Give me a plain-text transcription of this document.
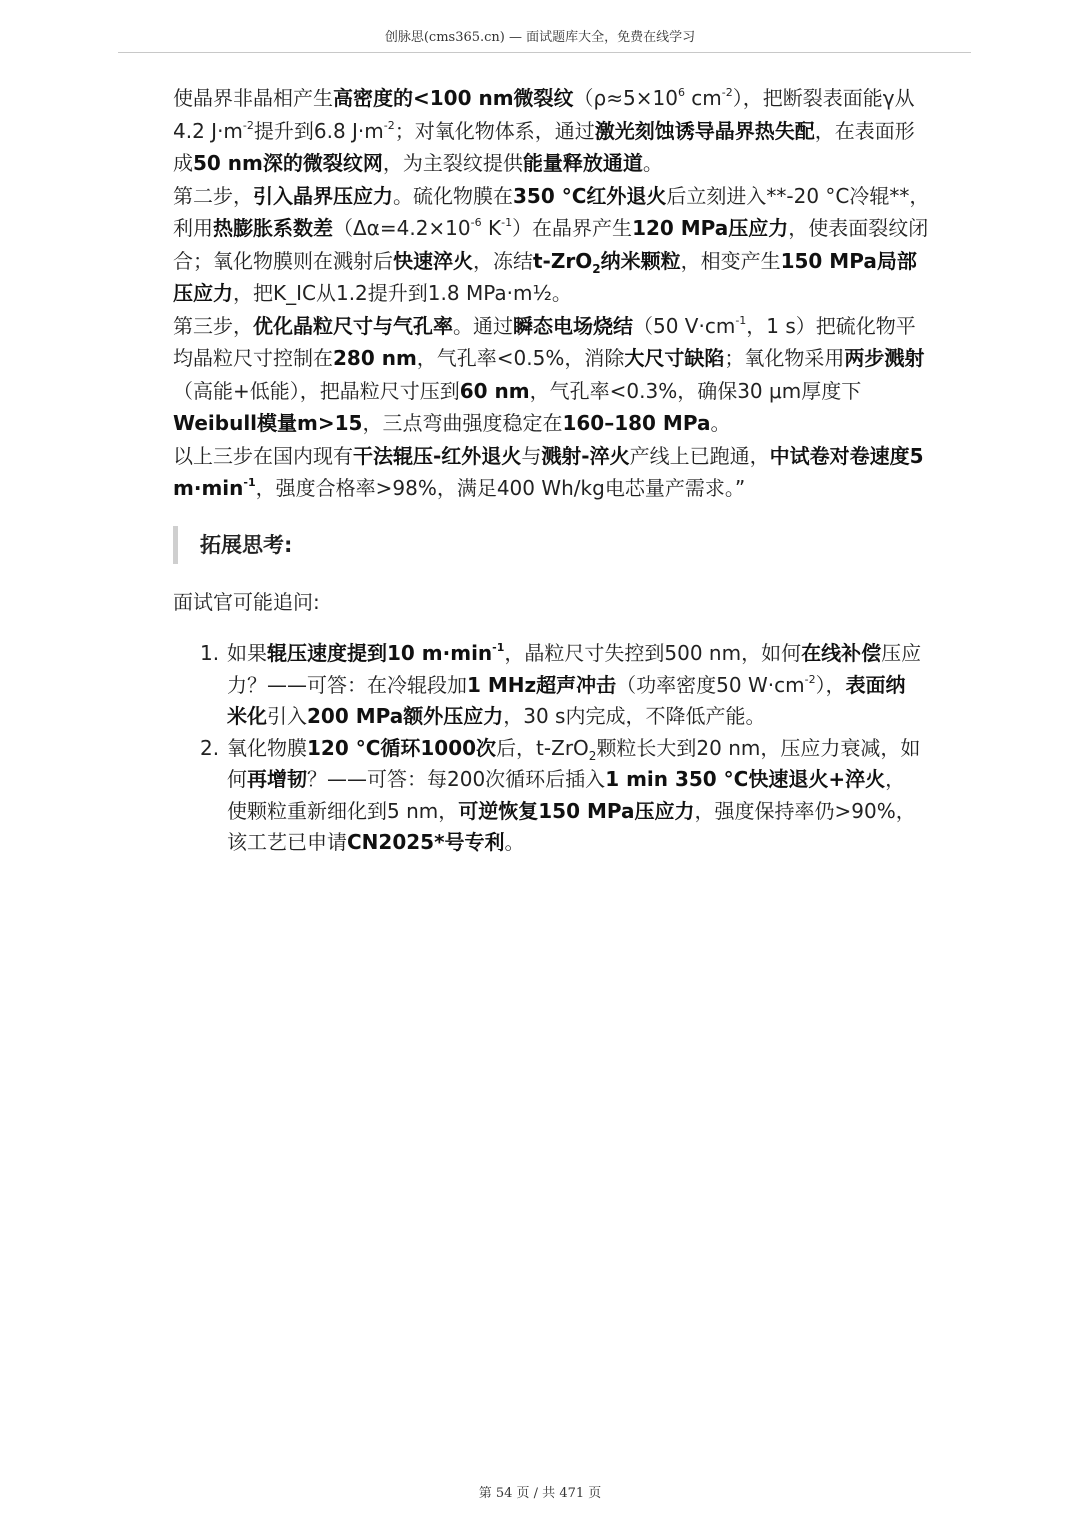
创脉思(cms365.cn) — 面试题库大全，免费在线学习

使晶界非晶相产生高密度的<100 nm微裂纹（$\rho\approx 5\times 10^6$ $cm^{-2}$），把断裂表面能γ从4.2 $J\cdot m^{-2}$提升到6.8 $J\cdot m^{-2}$；对氧化物体系，通过激光刻蚀诱导晶界热失配，在表面形成50 nm深的微裂纹网，为主裂纹提供能量释放通道。

第二步，引入晶界压应力。硫化物膜在350 °C红外退火后立刻进入**-20 °C冷辊**，利用热膨胀系数差（$\Delta\alpha=4.2\times 10^{-6}$ $K^{-1}$）在晶界产生120 MPa压应力，使表面裂纹闭合；氧化物膜则在溅射后快速淬火，冻结t-ZrO$_2$纳米颗粒，相变产生150 MPa局部压应力，把K_IC从1.2提升到1.8 MPa·m½。

第三步，优化晶粒尺寸与气孔率。通过瞬态电场烧结（50 $V\cdot cm^{-1}$，1 s）把硫化物平均晶粒尺寸控制在280 nm，气孔率<0.5%，消除大尺寸缺陷；氧化物采用两步溅射（高能+低能），把晶粒尺寸压到60 nm，气孔率<0.3%，确保30 μm厚度下Weibull模量m>15，三点弯曲强度稳定在160–180 MPa。

以上三步在国内现有干法辊压-红外退火与溅射-淬火产线上已跑通，中试卷对卷速度5 $m\cdot\min^{-1}$，强度合格率>98%，满足400 Wh/kg电芯量产需求。”

拓展思考:
面试官可能追问:

1. 如果辊压速度提到10 $m\cdot\min^{-1}$，晶粒尺寸失控到500 nm，如何在线补偿压应力？——可答：在冷辊段加1 MHz超声冲击（功率密度50 $W\cdot cm^{-2}$），表面纳米化引入200 MPa额外压应力，30 s内完成，不降低产能。

2. 氧化物膜120 °C循环1000次后，t-ZrO$_2$颗粒长大到20 nm，压应力衰减，如何再增韧？——可答：每200次循环后插入1 min 350 °C快速退火+淬火，使颗粒重新细化到5 nm，可逆恢复150 MPa压应力，强度保持率仍>90%，该工艺已申请CN2025*号专利。

第 54 页 / 共 471 页
